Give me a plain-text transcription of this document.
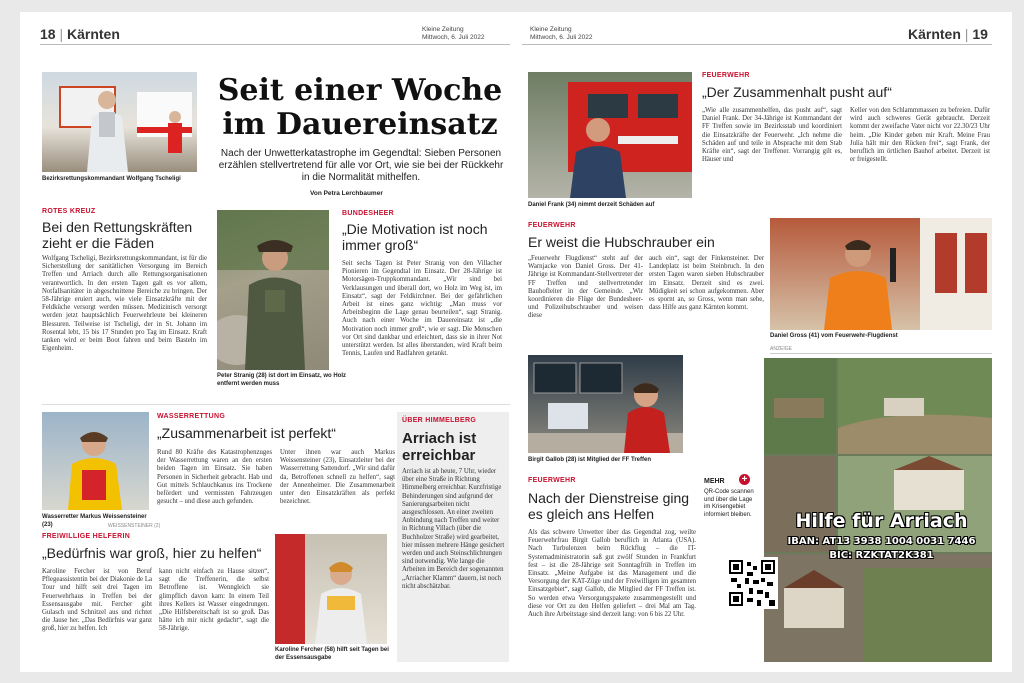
18 | Kärnten	Kleine Zeitung
Mittwoch, 6. Juli 2022
Bezirksrettungskommandant Wolfgang Tscheligi
Seit einer Woche
im Dauereinsatz
Nach der Unwetterkatastrophe im Gegendtal: Sieben Personen erzählen stellvertretend für alle vor Ort, wie sie bei der Rückkehr in die Normalität mithelfen.
Von Petra Lerchbaumer
ROTES KREUZ
Bei den Rettungskräften zieht er die Fäden
Wolfgang Tscheligi, Bezirksrettungskommandant, ist für die Sicherstellung der sanitätlichen Versorgung im Bereich Treffen und Arriach durch alle Rettungsorganisationen verantwortlich. In den ersten Tagen galt es vor allem, Notfallsanitäter in abgeschnittene Bereiche zu bringen. Der 58-Jährige eruiert auch, wie viele Einsatzkräfte mit der Feldküche versorgt werden müssen. Medizinisch versorgt werden jetzt hauptsächlich Feuerwehrleute bei kleineren Blessuren. Teilweise ist Tscheligi, der in St. Johann im Rosental lebt, 15 bis 17 Stunden pro Tag im Einsatz. Kraft tanken wird er beim Boot fahren und beim Basteln im Eigenheim.
Peter Stranig (28) ist dort im Einsatz, wo Holz entfernt werden muss
BUNDESHEER
„Die Motivation ist noch immer groß“
Seit sechs Tagen ist Peter Stranig von den Villacher Pionieren im Gegendtal im Einsatz. Der 28-Jährige ist Motorsägen-Truppkommandant. „Wir sind bei Verklausungen und überall dort, wo Holz im Weg ist, im Einsatz“, sagt der Feldkirchner. Bei der gefährlichen Arbeit ist eines ganz wichtig: „Man muss vor Arbeitsbeginn die Lage genau beurteilen“, sagt Stranig. Auch nach einer Woche im Dauereinsatz ist „die Motivation noch immer groß“, wie er sagt. Die Menschen vor Ort sind dankbar und erleichtert, dass sie in ihrer Not unterstützt werden. Ist alles überstanden, wird Kraft beim Tennis, Laufen und Radfahren getankt.
Wasserretter Markus Weissensteiner (23)	WEISSENSTEINER (2)
WASSERRETTUNG
„Zusammenarbeit ist perfekt“
Rund 80 Kräfte des Katastrophenzuges der Wasserrettung waren an den ersten beiden Tagen im Einsatz. Sie haben Personen in Sicherheit gebracht. Hab und Gut mittels Schlauchkanus ins Trockene befördert und vermissten Fahrzeugen gesucht – und diese auch gefunden.
Unter ihnen war auch Markus Weissensteiner (23), Einsatzleiter bei der Wasserrettung Sattendorf. „Wir sind dafür da, Betroffenen schnell zu helfen“, sagt der Annenheimer. Die Zusammenarbeit unter den Einsatzkräften als perfekt bezeichnet.
FREIWILLIGE HELFERIN
„Bedürfnis war groß, hier zu helfen“
Karoline Fercher ist von Beruf Pflegeassistentin bei der Diakonie de La Tour und hilft seit drei Tagen im Feuerwehrhaus in Treffen bei der Essensausgabe mit. Fercher gibt Gulasch und Schnitzel aus und richtet die Jause her. „Das Bedürfnis war ganz groß, hier zu helfen. Ich
kann nicht einfach zu Hause sitzen“, sagt die Treffenerin, die selbst Betroffene ist. Wenngleich sie glimpflich davon kam: In einem Teil ihres Kellers ist Wasser eingedrungen. „Die Hilfsbereitschaft ist so groß. Das hätte ich mir nicht gedacht“, sagt die 58-Jährige.
Karoline Fercher (58) hilft seit Tagen bei der Essensausgabe
ÜBER HIMMELBERG
Arriach ist erreichbar
Arriach ist ab heute, 7 Uhr, wieder über eine Straße in Richtung Himmelberg erreichbar. Kurzfristige Behinderungen sind aufgrund der Sanierungsarbeiten nicht ausgeschlossen. An einer zweiten Anbindung nach Treffen und weiter in Richtung Villach (über die Buchholzer Straße) wird gearbeitet, hier müssen mehrere Hänge gesichert werden und auch Steinschlichtungen sind notwendig. Wie lange die Arbeiten im Bereich der sogenannten „Arriacher Klamm“ dauern, ist noch nicht abschätzbar.
Kleine Zeitung
Mittwoch, 6. Juli 2022	Kärnten | 19
Daniel Frank (34) nimmt derzeit Schäden auf
FEUERWEHR
„Der Zusammenhalt pusht auf“
„Wie alle zusammenhelfen, das pusht auf“, sagt Daniel Frank. Der 34-Jährige ist Kommandant der FF Treffen sowie im Bezirksstab und koordiniert die Einsatzkräfte der Feuerwehr. „Ich nehme die Schäden auf und teile in Absprache mit dem Stab Kräfte ein“, sagt der Treffener. Vorrangig gilt es, Häuser und
Keller von den Schlammmassen zu befreien. Dafür wird auch schweres Gerät gebraucht. Derzeit kommt der zweifache Vater nicht vor 22.30/23 Uhr heim. „Die Kinder geben mir Kraft. Meine Frau Julia hält mir den Rücken frei“, sagt Frank, der beruflich im örtlichen Bauhof arbeitet. Derzeit ist er freigestellt.
FEUERWEHR
Er weist die Hubschrauber ein
„Feuerwehr Flugdienst“ steht auf der Warnjacke von Daniel Gross. Der 41-Jährige ist Kommandant-Stellvertreter der FF Treffen und stellvertretender Bauhofleiter in der Gemeinde. „Wir koordinieren die Flüge der Bundesheer- und Polizeihubschrauber und weisen diese
auch ein“, sagt der Finkensteiner. Der Landeplatz ist beim Steinbruch. In den ersten Tagen waren sieben Hubschrauber im Einsatz. Derzeit sind es zwei. Müdigkeit sei schon aufgekommen. Aber es spornt an, so Gross, wenn man sehe, dass Hilfe aus ganz Kärnten kommt.
Daniel Gross (41) vom Feuerwehr-Flugdienst
Birgit Gallob (28) ist Mitglied der FF Treffen
FEUERWEHR
Nach der Dienstreise ging es gleich ans Helfen
Als das schwere Unwetter über das Gegendtal zog, weilte Feuerwehrfrau Birgit Gallob beruflich in Atlanta (USA). Nach Turbulenzen beim Rückflug – die IT-Systemadministratorin saß gut zwölf Stunden in Frankfurt fest – ist die 28-Jährige seit Sonntagfrüh in Treffen im Einsatz. „Meine Aufgabe ist das Management und die Versorgung der KAT-Züge und der Freiwilligen im gesamten Einsatzgebiet“, sagt Gallob, die Mitglied der FF Treffen ist. So werden etwa Versorgungspakete zusammengestellt und diese vor Ort zu den Helfen geliefert – drei Mal am Tag. Auch ihre Arbeitstage sind derzeit lang: von 6 bis 22 Uhr.
ANZEIGE
MEHR	+
QR-Code scannen und über die Lage im Krisengebiet informiert bleiben.	Hilfe für Arriach
IBAN: AT13 3938 1004 0031 7446
BIC: RZKTAT2K381
